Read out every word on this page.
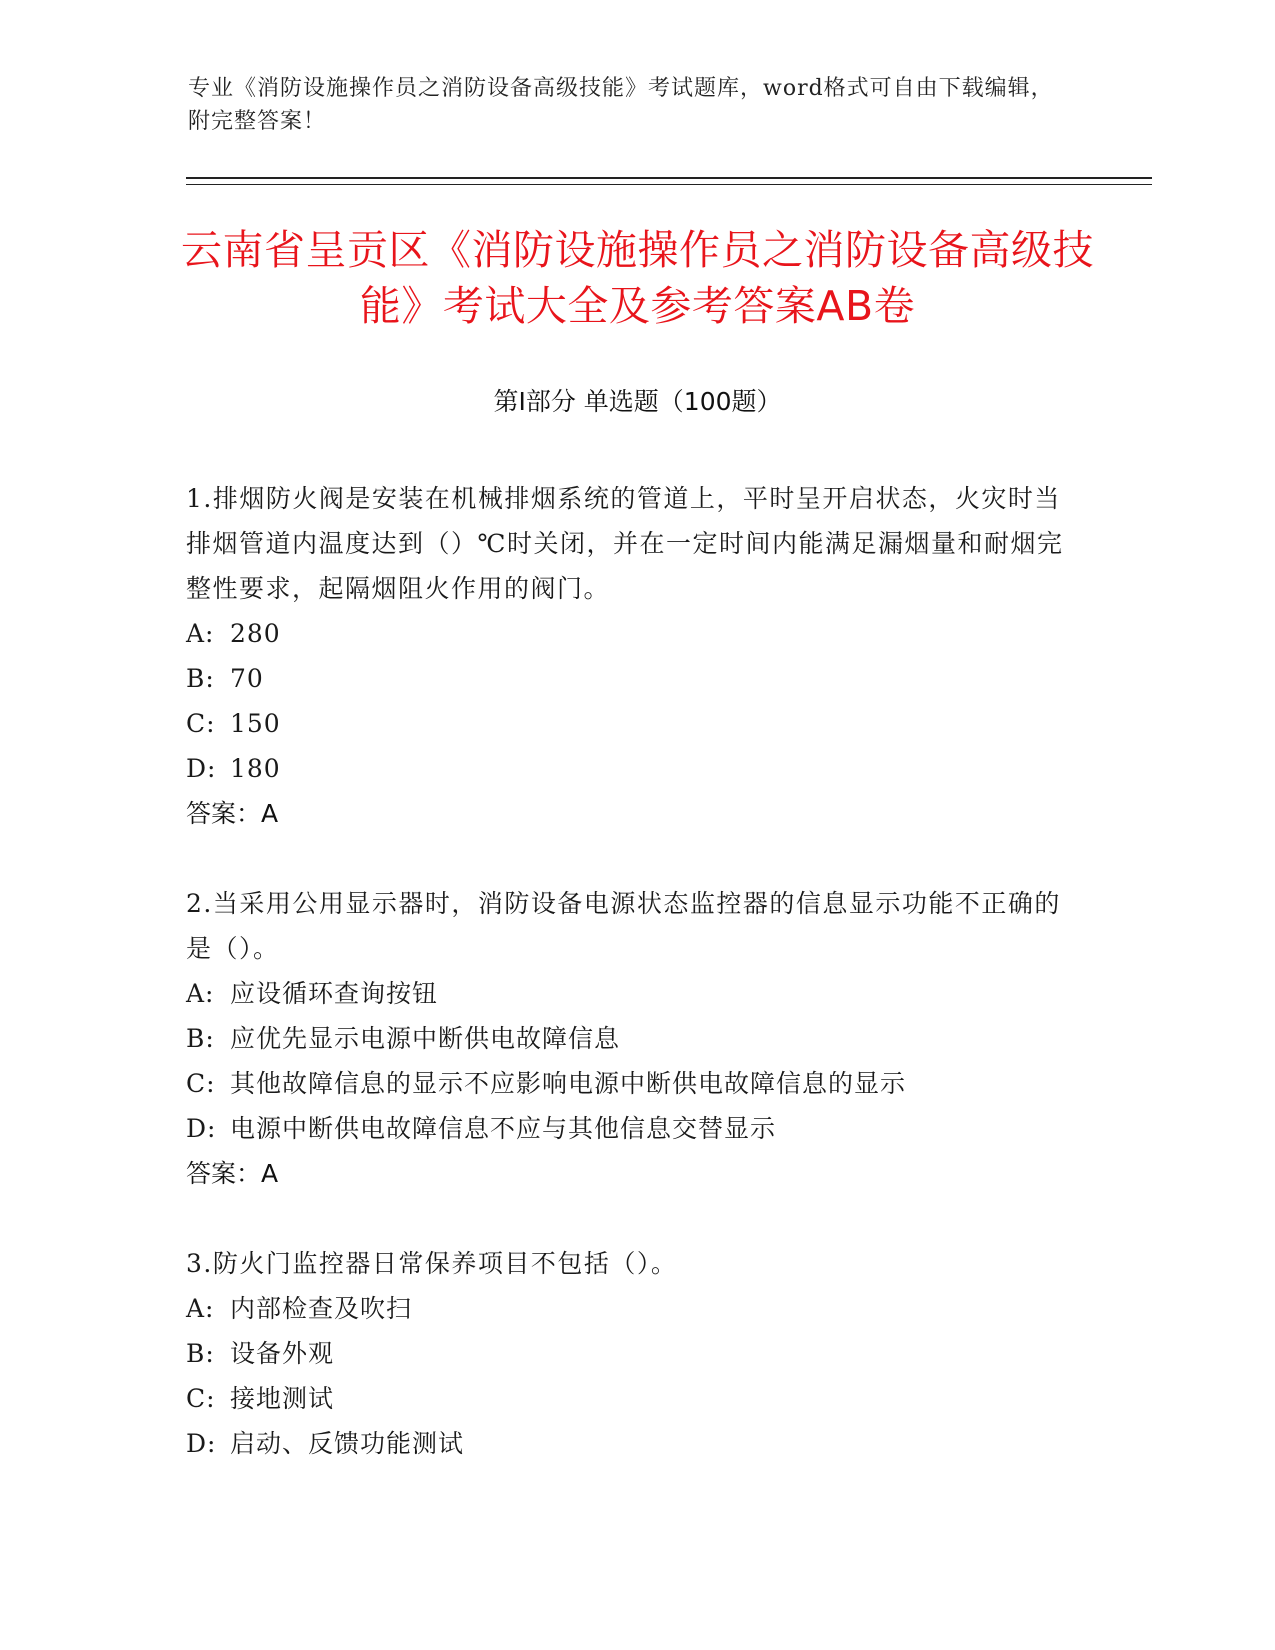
专业《消防设施操作员之消防设备高级技能》考试题库，word格式可自由下载编辑，附完整答案！
云南省呈贡区《消防设施操作员之消防设备高级技能》考试大全及参考答案AB卷
第Ⅰ部分 单选题（100题）

1.排烟防火阀是安装在机械排烟系统的管道上，平时呈开启状态，火灾时当排烟管道内温度达到（）℃时关闭，并在一定时间内能满足漏烟量和耐烟完整性要求，起隔烟阻火作用的阀门。

A: 280
B: 70
C: 150
D: 180
答案：A

2.当采用公用显示器时，消防设备电源状态监控器的信息显示功能不正确的是（）。

A: 应设循环查询按钮
B: 应优先显示电源中断供电故障信息
C: 其他故障信息的显示不应影响电源中断供电故障信息的显示
D: 电源中断供电故障信息不应与其他信息交替显示
答案：A

3.防火门监控器日常保养项目不包括（）。

A: 内部检查及吹扫
B: 设备外观
C: 接地测试
D: 启动、反馈功能测试
